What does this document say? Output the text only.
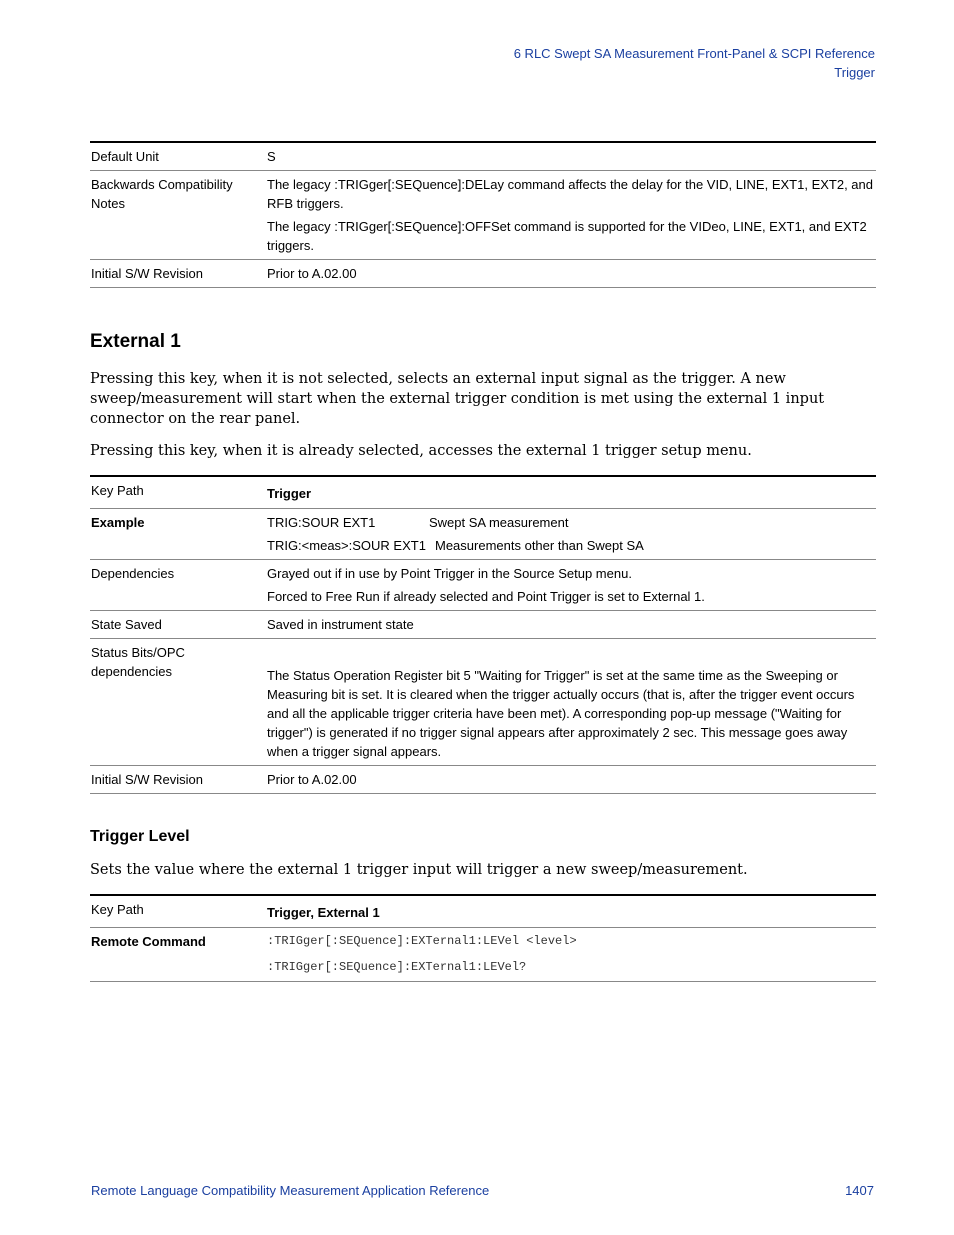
6 RLC Swept SA Measurement Front-Panel & SCPI Reference
Trigger
Default Unit	S

Backwards Compatibility Notes	The legacy :TRIGger[:SEQuence]:DELay command affects the delay for the VID, LINE, EXT1, EXT2, and RFB triggers.

The legacy :TRIGger[:SEQuence]:OFFSet command is supported for the VIDeo, LINE, EXT1, and EXT2 triggers.

Initial S/W Revision	Prior to A.02.00

External 1

Pressing this key, when it is not selected, selects an external input signal as the trigger. A new sweep/measurement will start when the external trigger condition is met using the external 1 input connector on the rear panel.

Pressing this key, when it is already selected, accesses the external 1 trigger setup menu.

Key Path	Trigger
Example	TRIG:SOUR EXT1 Swept SA measurement

TRIG:<meas>:SOUR EXT1 Measurements other than Swept SA

Dependencies	Grayed out if in use by Point Trigger in the Source Setup menu.

Forced to Free Run if already selected and Point Trigger is set to External 1.

State Saved	Saved in instrument state
Status Bits/OPC dependencies	The Status Operation Register bit 5 "Waiting for Trigger" is set at the same time as the Sweeping or Measuring bit is set. It is cleared when the trigger actually occurs (that is, after the trigger event occurs and all the applicable trigger criteria have been met). A corresponding pop-up message ("Waiting for trigger") is generated if no trigger signal appears after approximately 2 sec. This message goes away when a trigger signal appears.

Initial S/W Revision	Prior to A.02.00
Trigger Level

Sets the value where the external 1 trigger input will trigger a new sweep/measurement.

Key Path	Trigger, External 1
Remote Command	:TRIGger[:SEQuence]:EXTernal1:LEVel <level>

:TRIGger[:SEQuence]:EXTernal1:LEVel?

Remote Language Compatibility Measurement Application Reference	1407
